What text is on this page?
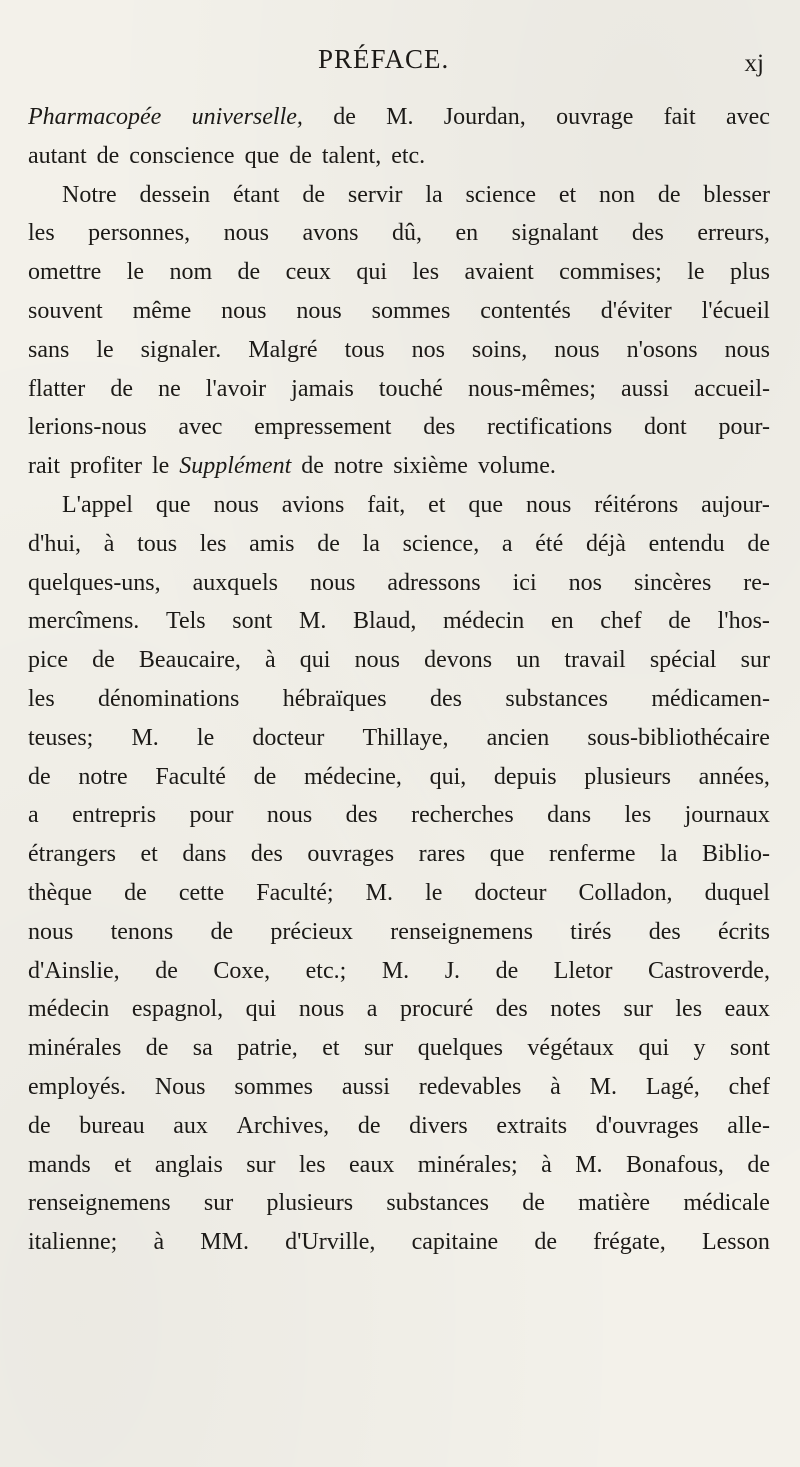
PRÉFACE.	xj
Pharmacopée universelle, de M. Jourdan, ouvrage fait avec
autant de conscience que de talent, etc.
Notre dessein étant de servir la science et non de blesser
les personnes, nous avons dû, en signalant des erreurs,
omettre le nom de ceux qui les avaient commises; le plus
souvent même nous nous sommes contentés d'éviter l'écueil
sans le signaler. Malgré tous nos soins, nous n'osons nous
flatter de ne l'avoir jamais touché nous-mêmes; aussi accueil-
lerions-nous avec empressement des rectifications dont pour-
rait profiter le Supplément de notre sixième volume.
L'appel que nous avions fait, et que nous réitérons aujour-
d'hui, à tous les amis de la science, a été déjà entendu de
quelques-uns, auxquels nous adressons ici nos sincères re-
mercîmens. Tels sont M. Blaud, médecin en chef de l'hos-
pice de Beaucaire, à qui nous devons un travail spécial sur
les dénominations hébraïques des substances médicamen-
teuses; M. le docteur Thillaye, ancien sous-bibliothécaire
de notre Faculté de médecine, qui, depuis plusieurs années,
a entrepris pour nous des recherches dans les journaux
étrangers et dans des ouvrages rares que renferme la Biblio-
thèque de cette Faculté; M. le docteur Colladon, duquel
nous tenons de précieux renseignemens tirés des écrits
d'Ainslie, de Coxe, etc.; M. J. de Lletor Castroverde,
médecin espagnol, qui nous a procuré des notes sur les eaux
minérales de sa patrie, et sur quelques végétaux qui y sont
employés. Nous sommes aussi redevables à M. Lagé, chef
de bureau aux Archives, de divers extraits d'ouvrages alle-
mands et anglais sur les eaux minérales; à M. Bonafous, de
renseignemens sur plusieurs substances de matière médicale
italienne; à MM. d'Urville, capitaine de frégate, Lesson
